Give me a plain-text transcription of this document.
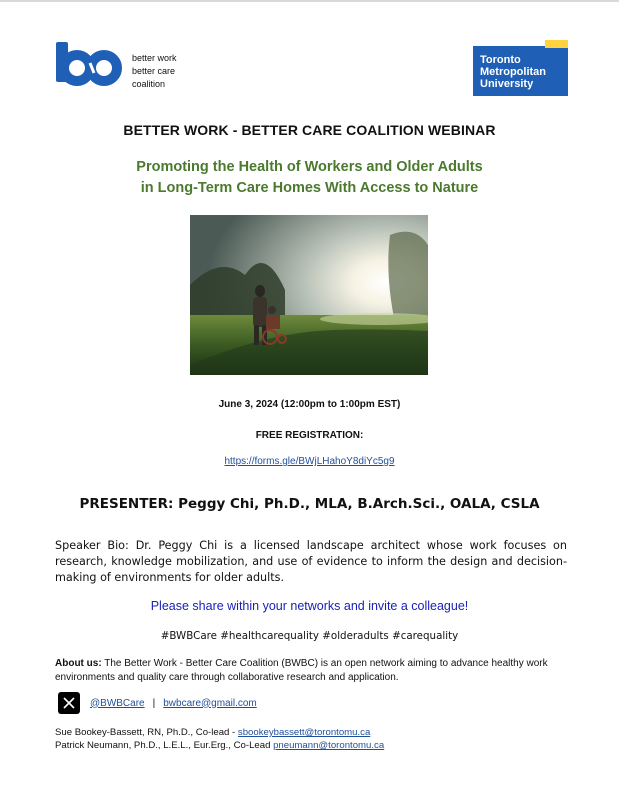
better work
better care
coalition
Toronto
Metropolitan
University
BETTER WORK - BETTER CARE COALITION WEBINAR
Promoting the Health of Workers and Older Adults
in Long-Term Care Homes With Access to Nature
June 3, 2024 (12:00pm to 1:00pm EST)
FREE REGISTRATION:
https://forms.gle/BWjLHahoY8diYc5g9
PRESENTER: Peggy Chi, Ph.D., MLA, B.Arch.Sci., OALA, CSLA
Speaker Bio: Dr. Peggy Chi is a licensed landscape architect whose work focuses on research, knowledge mobilization, and use of evidence to inform the design and decision-making of environments for older adults.
Please share within your networks and invite a colleague!
#BWBCare #healthcarequality #olderadults #carequality
About us: The Better Work - Better Care Coalition (BWBC) is an open network aiming to advance healthy work environments and quality care through collaborative research and application.
@BWBCare | bwbcare@gmail.com
Sue Bookey-Bassett, RN, Ph.D., Co-lead - sbookeybassett@torontomu.ca
Patrick Neumann, Ph.D., L.E.L., Eur.Erg., Co-Lead pneumann@torontomu.ca
